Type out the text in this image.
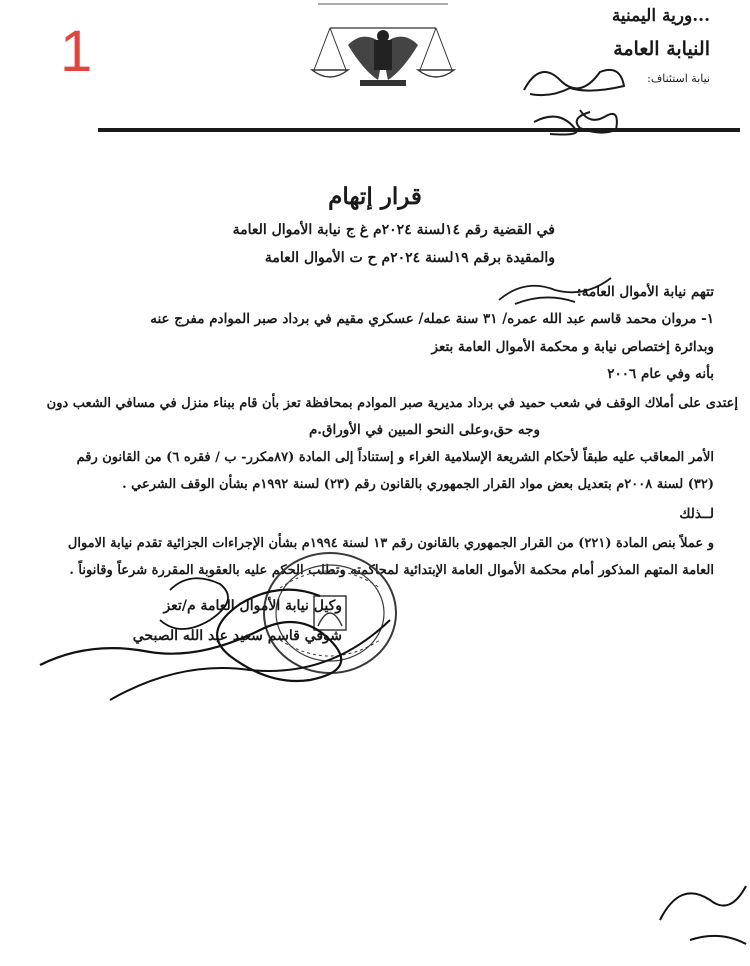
1
...ورية اليمنية
النيابة العامة
نيابة استئناف:
قرار إتهام
في القضية رقم ١٤لسنة ٢٠٢٤م غ ج نيابة الأموال العامة
والمقيدة برقم ١٩لسنة ٢٠٢٤م ح ت الأموال العامة
تتهم نيابة الأموال العامة:
١- مروان محمد قاسم عبد الله عمره/ ٣١ سنة عمله/ عسكري مقيم في برداد صبر الموادم مفرج عنه
وبدائرة إختصاص نيابة و محكمة الأموال العامة بتعز
بأنه وفي عام ٢٠٠٦
إعتدى على أملاك الوقف في شعب حميد في برداد مديرية صبر الموادم بمحافظة تعز بأن قام ببناء منزل في مسافي الشعب دون
وجه حق،وعلى النحو المبين في الأوراق.م
الأمر المعاقب عليه طبقاً لأحكام الشريعة الإسلامية الغراء و إستناداً إلى المادة (٨٧مكرر- ب / فقره ٦) من القانون رقم
(٣٢) لسنة ٢٠٠٨م بتعديل بعض مواد القرار الجمهوري بالقانون رقم (٢٣) لسنة ١٩٩٢م بشأن الوقف الشرعي .
لــذلك
و عملاً بنص المادة (٢٢١) من القرار الجمهوري بالقانون رقم ١٣ لسنة ١٩٩٤م بشأن الإجراءات الجزائية تقدم نيابة الاموال
العامة المتهم المذكور أمام محكمة الأموال العامة الإبتدائية لمحاكمته وتطلب الحكم عليه بالعقوبة المقررة شرعاً وقانوناً .
وكيل نيابة الأموال العامة م/تعز
شوقي قاسم سعيد عبد الله الصبحي
